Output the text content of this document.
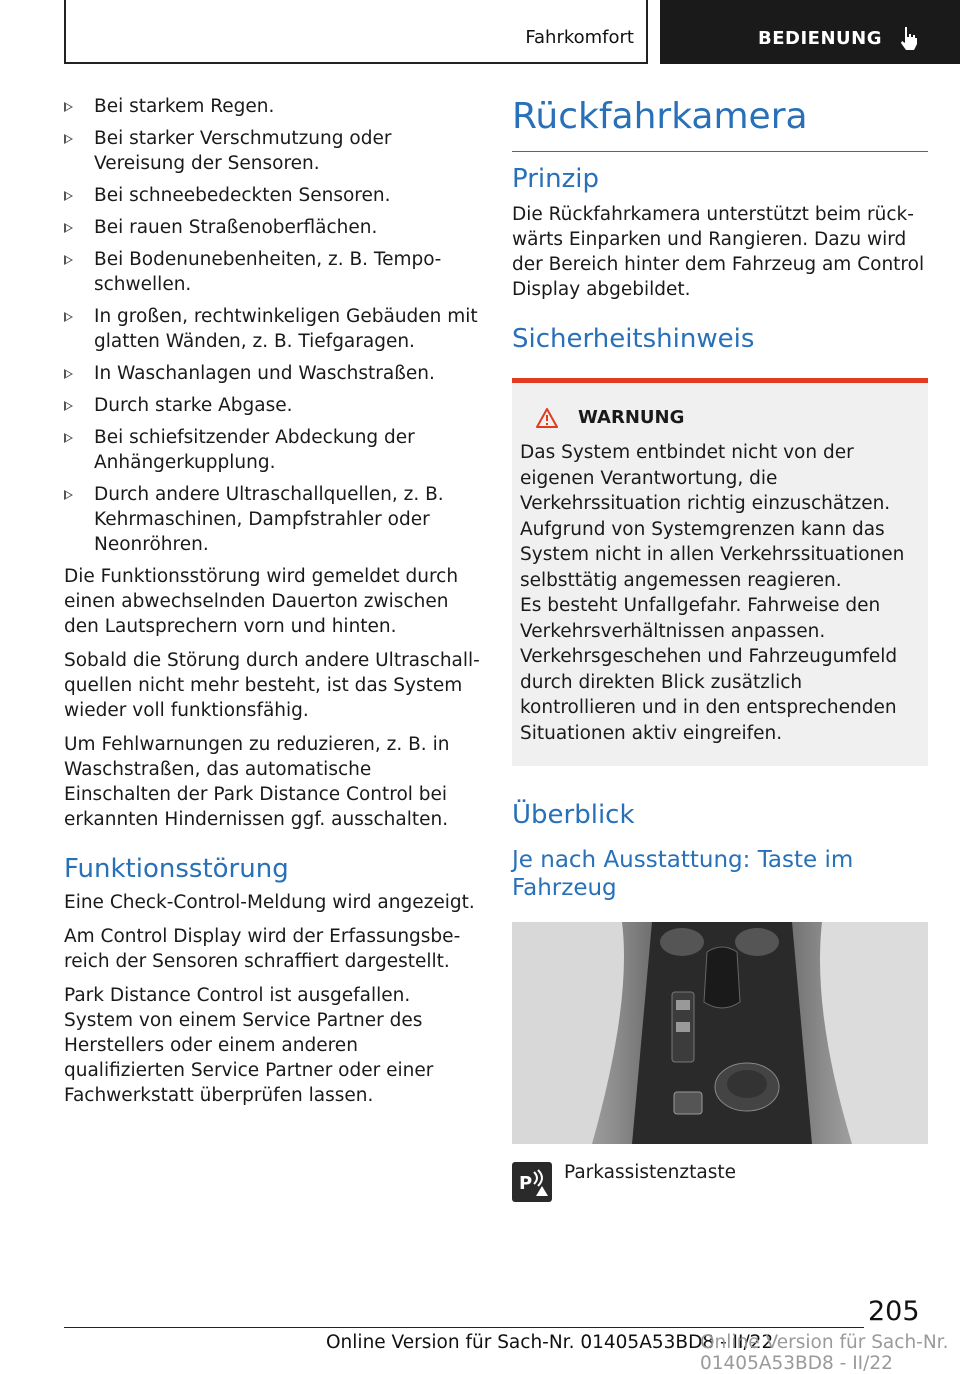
Fahrkomfort	BEDIENUNG
Bei starkem Regen.
Bei starker Verschmutzung oder Vereisung der Sensoren.
Bei schneebedeckten Sensoren.
Bei rauen Straßenoberflächen.
Bei Bodenunebenheiten, z. B. Temposchwellen.
In großen, rechtwinkeligen Gebäuden mit glatten Wänden, z. B. Tiefgaragen.
In Waschanlagen und Waschstraßen.
Durch starke Abgase.
Bei schiefsitzender Abdeckung der Anhängerkupplung.
Durch andere Ultraschallquellen, z. B. Kehrmaschinen, Dampfstrahler oder Neonröhren.

Die Funktionsstörung wird gemeldet durch einen abwechselnden Dauerton zwischen den Lautsprechern vorn und hinten.

Sobald die Störung durch andere Ultraschallquellen nicht mehr besteht, ist das System wieder voll funktionsfähig.

Um Fehlwarnungen zu reduzieren, z. B. in Waschstraßen, das automatische Einschalten der Park Distance Control bei erkannten Hindernissen ggf. ausschalten.

Funktionsstörung

Eine Check-Control-Meldung wird angezeigt.

Am Control Display wird der Erfassungsbereich der Sensoren schraffiert dargestellt.

Park Distance Control ist ausgefallen. System von einem Service Partner des Herstellers oder einem anderen qualifizierten Service Partner oder einer Fachwerkstatt überprüfen lassen.

Rückfahrkamera
Prinzip

Die Rückfahrkamera unterstützt beim rückwärts Einparken und Rangieren. Dazu wird der Bereich hinter dem Fahrzeug am Control Display abgebildet.

Sicherheitshinweis
WARNUNG

Das System entbindet nicht von der eigenen Verantwortung, die Verkehrssituation richtig einzuschätzen. Aufgrund von Systemgrenzen kann das System nicht in allen Verkehrssituationen selbsttätig angemessen reagieren.

Es besteht Unfallgefahr. Fahrweise den Verkehrsverhältnissen anpassen. Verkehrsgeschehen und Fahrzeugumfeld durch direkten Blick zusätzlich kontrollieren und in den entsprechenden Situationen aktiv eingreifen.

Überblick
Je nach Ausstattung: Taste im Fahrzeug
P
Parkassistenztaste
205
Online Version für Sach-Nr. 01405A53BD8 - II/22
Online Version für Sach-Nr. 01405A53BD8 - II/22
